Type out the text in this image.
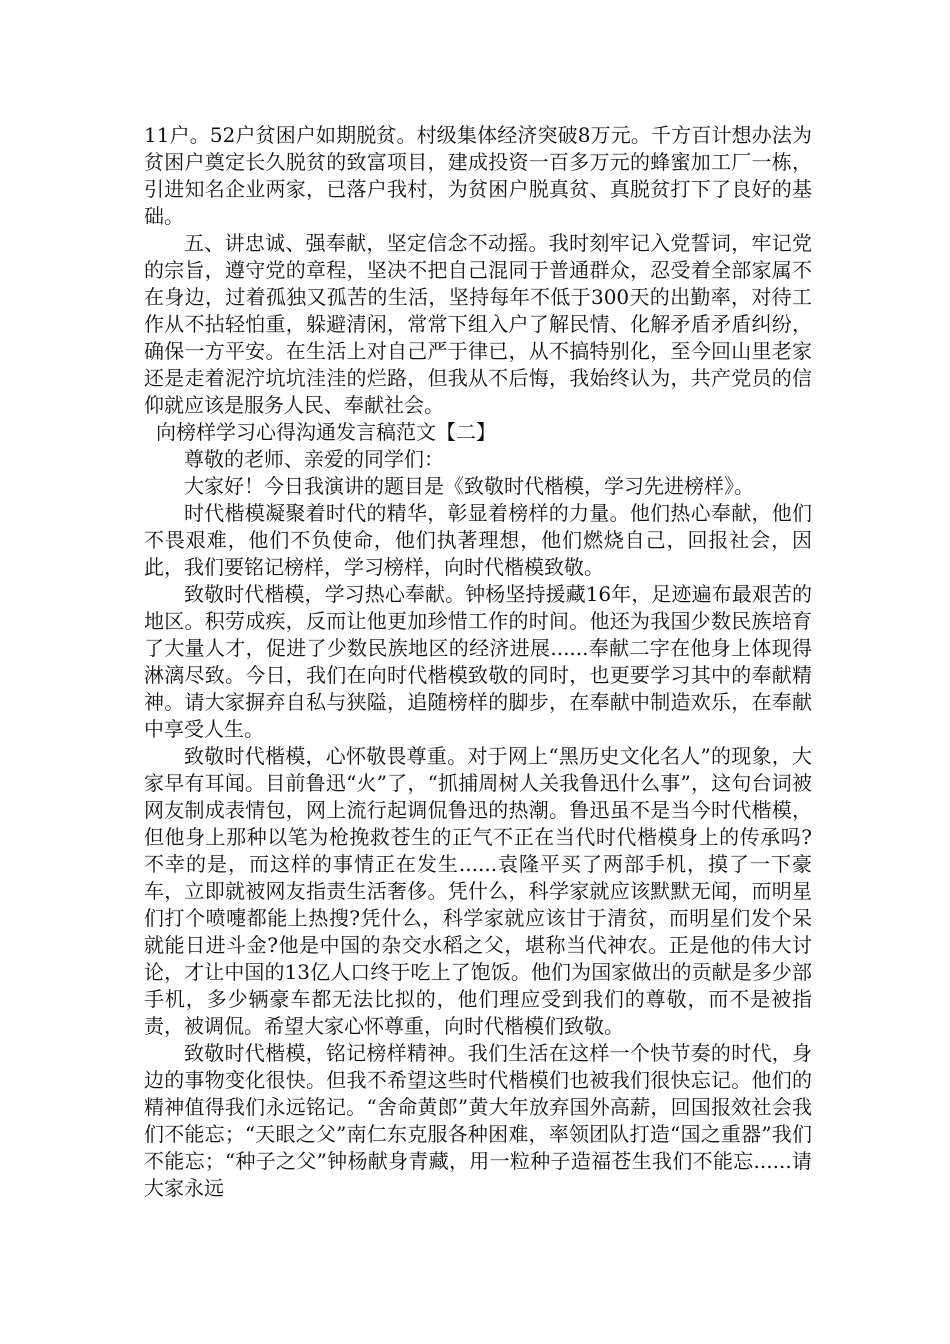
11户。52户贫困户如期脱贫。村级集体经济突破8万元。千方百计想办法为贫困户奠定长久脱贫的致富项目，建成投资一百多万元的蜂蜜加工厂一栋，引进知名企业两家，已落户我村，为贫困户脱真贫、真脱贫打下了良好的基础。

五、讲忠诚、强奉献，坚定信念不动摇。我时刻牢记入党誓词，牢记党的宗旨，遵守党的章程，坚决不把自己混同于普通群众，忍受着全部家属不在身边，过着孤独又孤苦的生活，坚持每年不低于300天的出勤率，对待工作从不拈轻怕重，躲避清闲，常常下组入户了解民情、化解矛盾矛盾纠纷，确保一方平安。在生活上对自己严于律已，从不搞特别化，至今回山里老家还是走着泥泞坑坑洼洼的烂路，但我从不后悔，我始终认为，共产党员的信仰就应该是服务人民、奉献社会。

向榜样学习心得沟通发言稿范文【二】

尊敬的老师、亲爱的同学们：

大家好！今日我演讲的题目是《致敬时代楷模，学习先进榜样》。

时代楷模凝聚着时代的精华，彰显着榜样的力量。他们热心奉献，他们不畏艰难，他们不负使命，他们执著理想，他们燃烧自己，回报社会，因此，我们要铭记榜样，学习榜样，向时代楷模致敬。

致敬时代楷模，学习热心奉献。钟杨坚持援藏16年，足迹遍布最艰苦的地区。积劳成疾，反而让他更加珍惜工作的时间。他还为我国少数民族培育了大量人才，促进了少数民族地区的经济进展......奉献二字在他身上体现得淋漓尽致。今日，我们在向时代楷模致敬的同时，也更要学习其中的奉献精神。请大家摒弃自私与狭隘，追随榜样的脚步，在奉献中制造欢乐，在奉献中享受人生。

致敬时代楷模，心怀敬畏尊重。对于网上“黑历史文化名人”的现象，大家早有耳闻。目前鲁迅“火”了，“抓捕周树人关我鲁迅什么事”，这句台词被网友制成表情包，网上流行起调侃鲁迅的热潮。鲁迅虽不是当今时代楷模，但他身上那种以笔为枪挽救苍生的正气不正在当代时代楷模身上的传承吗?不幸的是，而这样的事情正在发生......袁隆平买了两部手机，摸了一下豪车，立即就被网友指责生活奢侈。凭什么，科学家就应该默默无闻，而明星们打个喷嚏都能上热搜?凭什么，科学家就应该甘于清贫，而明星们发个呆就能日进斗金?他是中国的杂交水稻之父，堪称当代神农。正是他的伟大讨论，才让中国的13亿人口终于吃上了饱饭。他们为国家做出的贡献是多少部手机，多少辆豪车都无法比拟的，他们理应受到我们的尊敬，而不是被指责，被调侃。希望大家心怀尊重，向时代楷模们致敬。

致敬时代楷模，铭记榜样精神。我们生活在这样一个快节奏的时代，身边的事物变化很快。但我不希望这些时代楷模们也被我们很快忘记。他们的精神值得我们永远铭记。“舍命黄郎”黄大年放弃国外高薪，回国报效社会我们不能忘；“天眼之父”南仁东克服各种困难，率领团队打造“国之重器”我们不能忘；“种子之父”钟杨献身青藏，用一粒种子造福苍生我们不能忘......请大家永远
